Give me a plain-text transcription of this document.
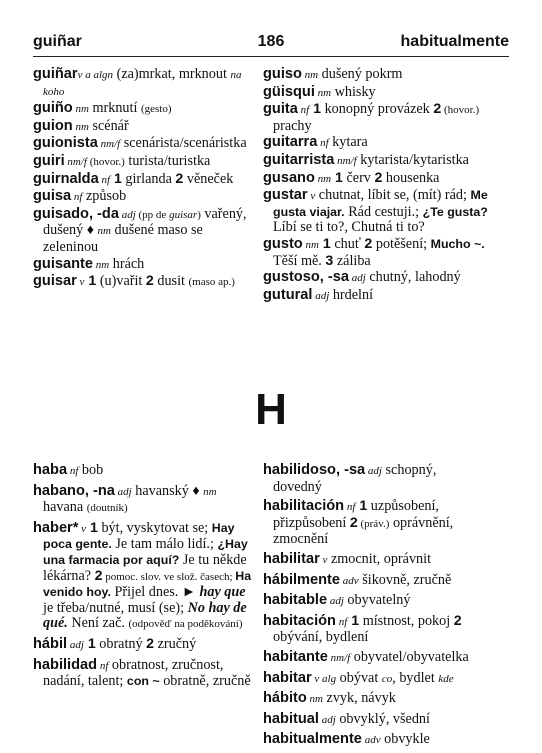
guiñar	186	habitualmente
guiñarv a algn (za)mrkat, mrknout na koho
guiño nm mrknutí (gesto)
guion nm scénář
guionista nm/f scenárista/scenáristka
guiri nm/f (hovor.) turista/turistka
guirnalda nf 1 girlanda 2 věneček
guisa nf způsob
guisado, -da adj (pp de guisar) vařený, dušený ♦ nm dušené maso se zeleninou
guisante nm hrách
guisar v 1 (u)vařit 2 dusit (maso ap.)
guiso nm dušený pokrm
güisqui nm whisky
guita nf 1 konopný provázek 2 (hovor.) prachy
guitarra nf kytara
guitarrista nm/f kytarista/kytaristka
gusano nm 1 červ 2 housenka
gustar v chutnat, líbit se, (mít) rád; Me gusta viajar. Rád cestuji.; ¿Te gusta? Líbí se ti to?, Chutná ti to?
gusto nm 1 chuť 2 potěšení; Mucho ~. Těší mě. 3 záliba
gustoso, -sa adj chutný, lahodný
gutural adj hrdelní
H
haba nf bob
habano, -na adj havanský ♦ nm havana (doutník)
haber* v 1 být, vyskytovat se; Hay poca gente. Je tam málo lidí.; ¿Hay una farmacia por aquí? Je tu někde lékárna? 2 pomoc. slov. ve slož. časech; Ha venido hoy. Přijel dnes. ► hay que je třeba/nutné, musí (se); No hay de qué. Není zač. (odpověď na poděkování)
hábil adj 1 obratný 2 zručný
habilidad nf obratnost, zručnost, nadání, talent; con ~ obratně, zručně
habilidoso, -sa adj schopný, dovedný
habilitación nf 1 uzpůsobení, přizpůsobení 2 (práv.) oprávnění, zmocnění
habilitar v zmocnit, oprávnit
hábilmente adv šikovně, zručně
habitable adj obyvatelný
habitación nf 1 místnost, pokoj 2 obývání, bydlení
habitante nm/f obyvatel/obyvatelka
habitar v alg obývat co, bydlet kde
hábito nm zvyk, návyk
habitual adj obvyklý, všední
habitualmente adv obvykle
